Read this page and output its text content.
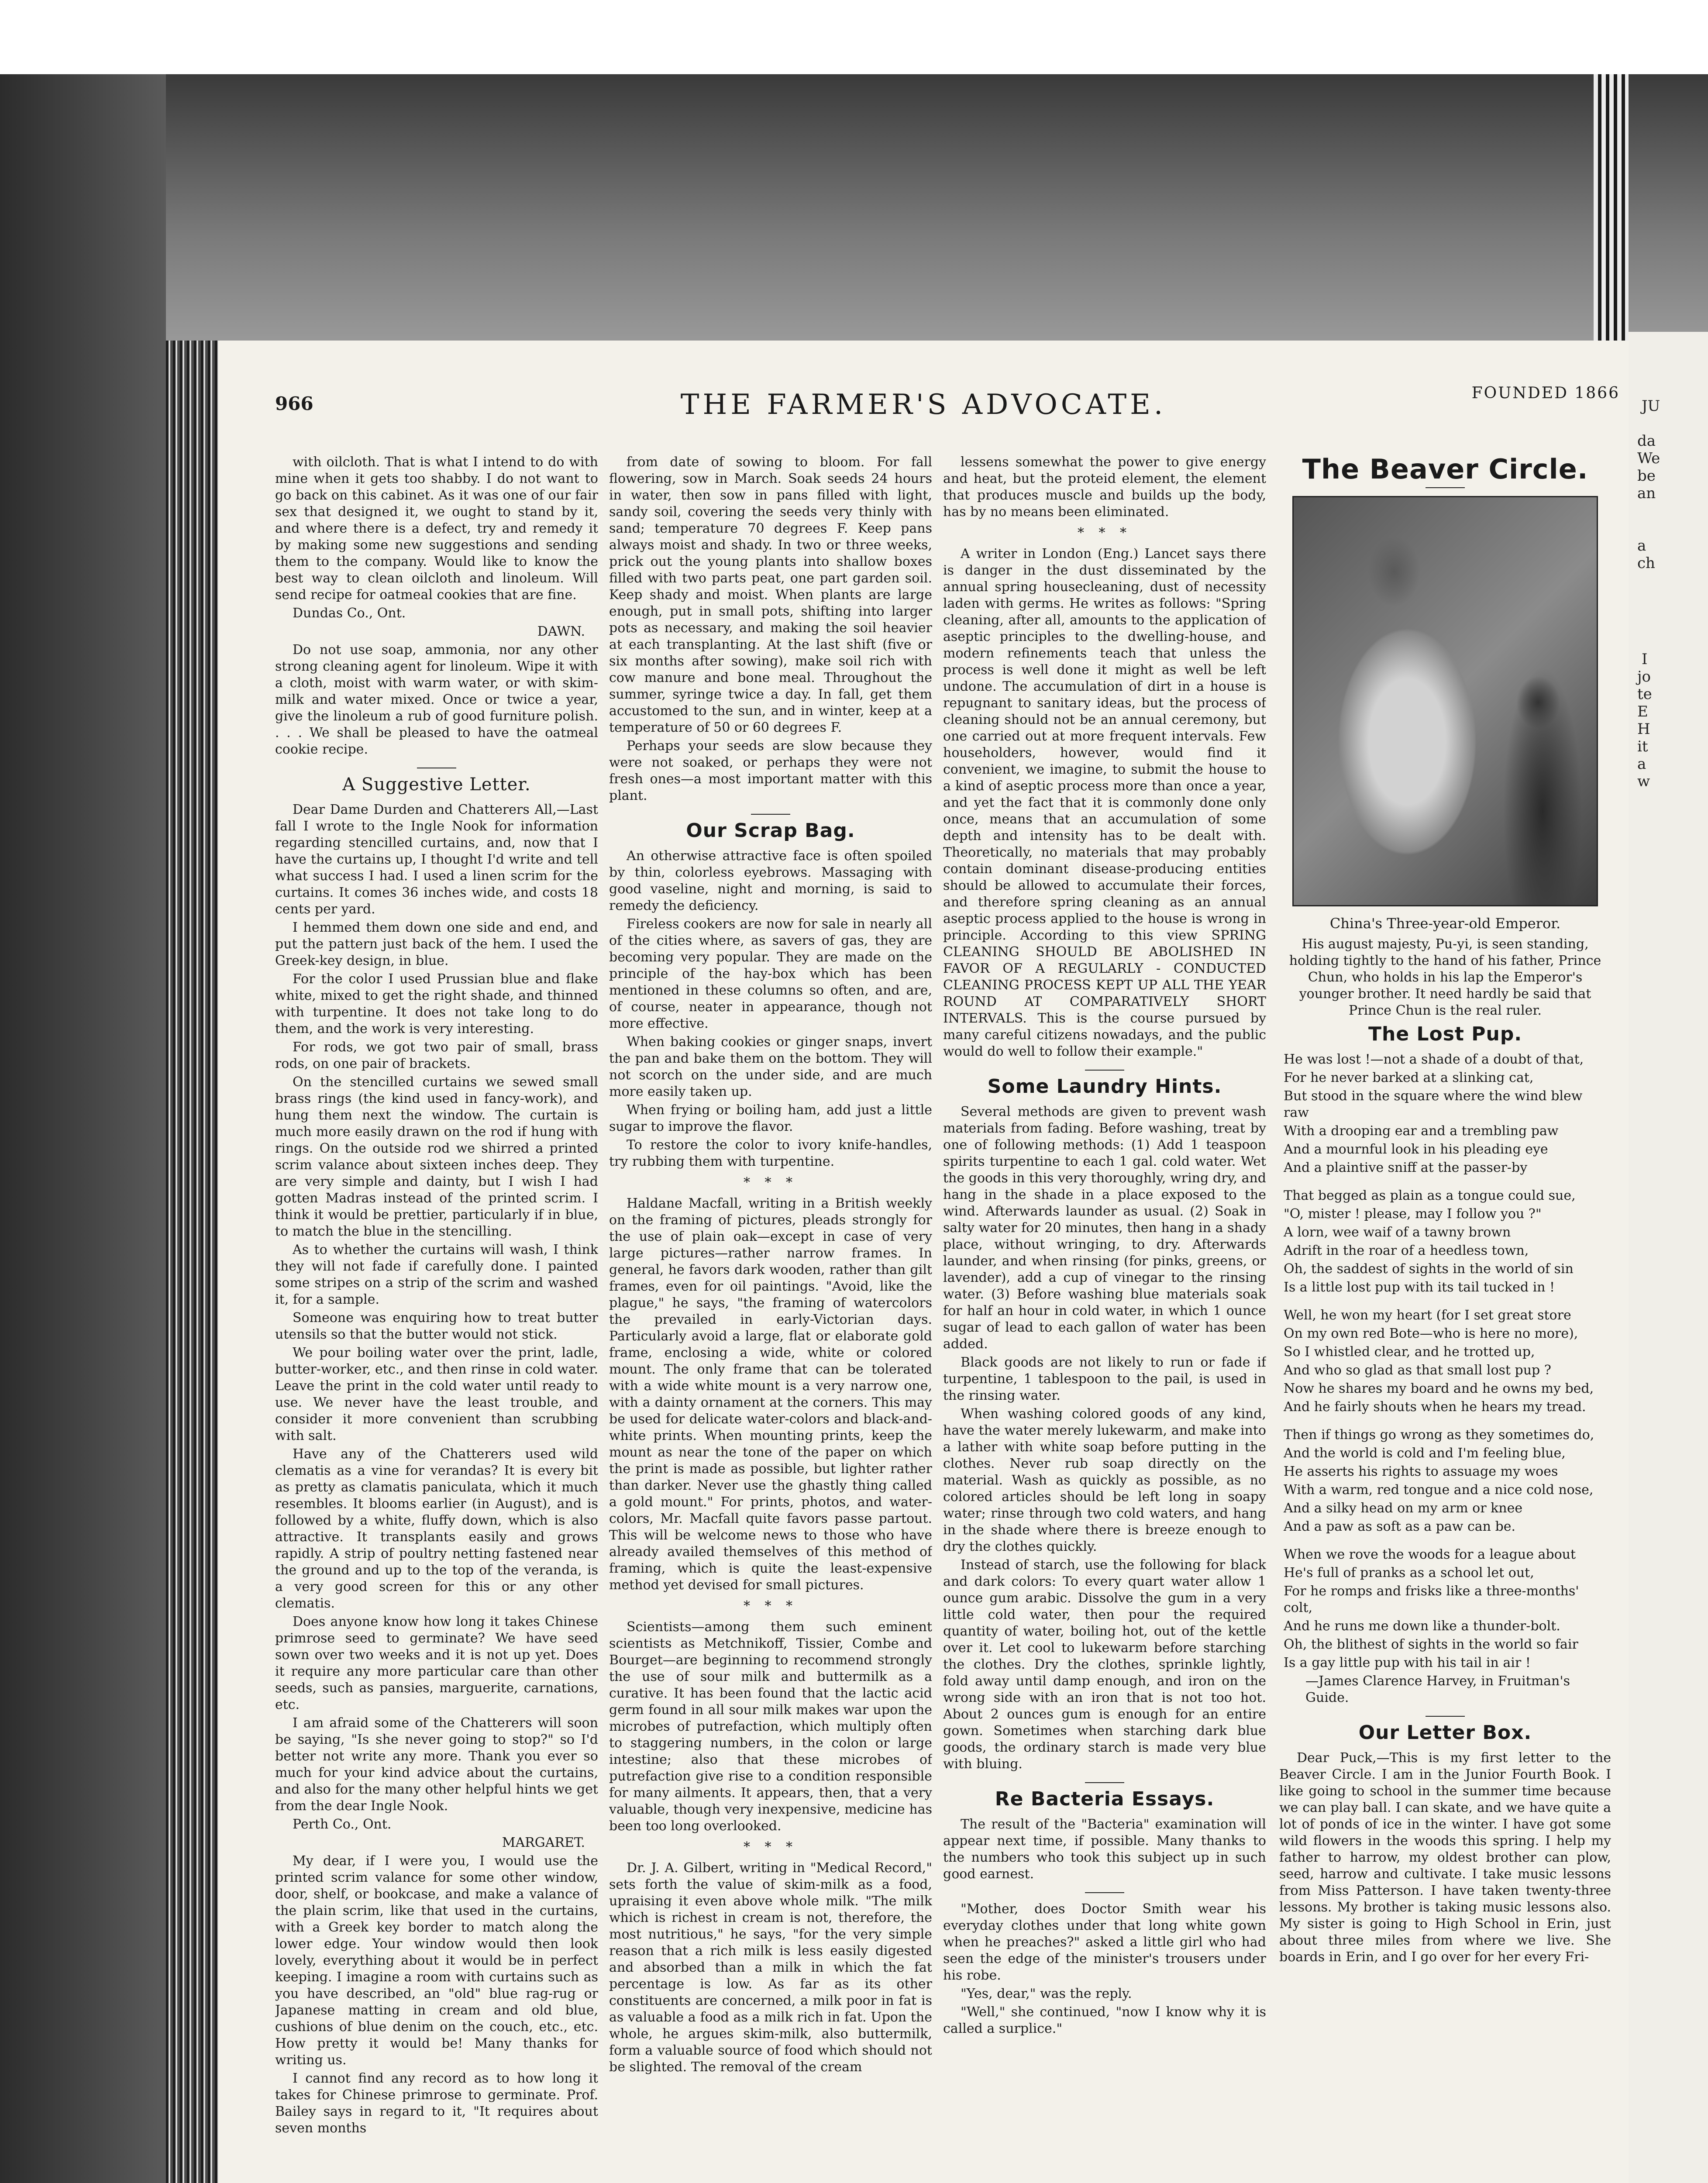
JU
da
We
be
an
a
ch
I
jo
te
E
H
it
a
w
966	THE FARMER'S ADVOCATE.	FOUNDED 1866

with oilcloth. That is what I intend to do with mine when it gets too shabby. I do not want to go back on this cabinet. As it was one of our fair sex that designed it, we ought to stand by it, and where there is a defect, try and remedy it by making some new suggestions and sending them to the company. Would like to know the best way to clean oilcloth and linoleum. Will send recipe for oatmeal cookies that are fine.

Dundas Co., Ont.

DAWN.

Do not use soap, ammonia, nor any other strong cleaning agent for linoleum. Wipe it with a cloth, moist with warm water, or with skim-milk and water mixed. Once or twice a year, give the linoleum a rub of good furniture polish. . . . We shall be pleased to have the oatmeal cookie recipe.

A Suggestive Letter.

Dear Dame Durden and Chatterers All,—Last fall I wrote to the Ingle Nook for information regarding stencilled curtains, and, now that I have the curtains up, I thought I'd write and tell what success I had. I used a linen scrim for the curtains. It comes 36 inches wide, and costs 18 cents per yard.

I hemmed them down one side and end, and put the pattern just back of the hem. I used the Greek-key design, in blue.

For the color I used Prussian blue and flake white, mixed to get the right shade, and thinned with turpentine. It does not take long to do them, and the work is very interesting.

For rods, we got two pair of small, brass rods, on one pair of brackets.

On the stencilled curtains we sewed small brass rings (the kind used in fancy-work), and hung them next the window. The curtain is much more easily drawn on the rod if hung with rings. On the outside rod we shirred a printed scrim valance about sixteen inches deep. They are very simple and dainty, but I wish I had gotten Madras instead of the printed scrim. I think it would be prettier, particularly if in blue, to match the blue in the stencilling.

As to whether the curtains will wash, I think they will not fade if carefully done. I painted some stripes on a strip of the scrim and washed it, for a sample.

Someone was enquiring how to treat butter utensils so that the butter would not stick.

We pour boiling water over the print, ladle, butter-worker, etc., and then rinse in cold water. Leave the print in the cold water until ready to use. We never have the least trouble, and consider it more convenient than scrubbing with salt.

Have any of the Chatterers used wild clematis as a vine for verandas? It is every bit as pretty as clamatis paniculata, which it much resembles. It blooms earlier (in August), and is followed by a white, fluffy down, which is also attractive. It transplants easily and grows rapidly. A strip of poultry netting fastened near the ground and up to the top of the veranda, is a very good screen for this or any other clematis.

Does anyone know how long it takes Chinese primrose seed to germinate? We have seed sown over two weeks and it is not up yet. Does it require any more particular care than other seeds, such as pansies, marguerite, carnations, etc.

I am afraid some of the Chatterers will soon be saying, "Is she never going to stop?" so I'd better not write any more. Thank you ever so much for your kind advice about the curtains, and also for the many other helpful hints we get from the dear Ingle Nook.

Perth Co., Ont.

MARGARET.

My dear, if I were you, I would use the printed scrim valance for some other window, door, shelf, or bookcase, and make a valance of the plain scrim, like that used in the curtains, with a Greek key border to match along the lower edge. Your window would then look lovely, everything about it would be in perfect keeping. I imagine a room with curtains such as you have described, an "old" blue rag-rug or Japanese matting in cream and old blue, cushions of blue denim on the couch, etc., etc. How pretty it would be! Many thanks for writing us.

I cannot find any record as to how long it takes for Chinese primrose to germinate. Prof. Bailey says in regard to it, "It requires about seven months

from date of sowing to bloom. For fall flowering, sow in March. Soak seeds 24 hours in water, then sow in pans filled with light, sandy soil, covering the seeds very thinly with sand; temperature 70 degrees F. Keep pans always moist and shady. In two or three weeks, prick out the young plants into shallow boxes filled with two parts peat, one part garden soil. Keep shady and moist. When plants are large enough, put in small pots, shifting into larger pots as necessary, and making the soil heavier at each transplanting. At the last shift (five or six months after sowing), make soil rich with cow manure and bone meal. Throughout the summer, syringe twice a day. In fall, get them accustomed to the sun, and in winter, keep at a temperature of 50 or 60 degrees F.

Perhaps your seeds are slow because they were not soaked, or perhaps they were not fresh ones—a most important matter with this plant.

Our Scrap Bag.

An otherwise attractive face is often spoiled by thin, colorless eyebrows. Massaging with good vaseline, night and morning, is said to remedy the deficiency.

Fireless cookers are now for sale in nearly all of the cities where, as savers of gas, they are becoming very popular. They are made on the principle of the hay-box which has been mentioned in these columns so often, and are, of course, neater in appearance, though not more effective.

When baking cookies or ginger snaps, invert the pan and bake them on the bottom. They will not scorch on the under side, and are much more easily taken up.

When frying or boiling ham, add just a little sugar to improve the flavor.

To restore the color to ivory knife-handles, try rubbing them with turpentine.

* * *

Haldane Macfall, writing in a British weekly on the framing of pictures, pleads strongly for the use of plain oak—except in case of very large pictures—rather narrow frames. In general, he favors dark wooden, rather than gilt frames, even for oil paintings. "Avoid, like the plague," he says, "the framing of watercolors the prevailed in early-Victorian days. Particularly avoid a large, flat or elaborate gold frame, enclosing a wide, white or colored mount. The only frame that can be tolerated with a wide white mount is a very narrow one, with a dainty ornament at the corners. This may be used for delicate water-colors and black-and-white prints. When mounting prints, keep the mount as near the tone of the paper on which the print is made as possible, but lighter rather than darker. Never use the ghastly thing called a gold mount." For prints, photos, and water-colors, Mr. Macfall quite favors passe partout. This will be welcome news to those who have already availed themselves of this method of framing, which is quite the least-expensive method yet devised for small pictures.

* * *

Scientists—among them such eminent scientists as Metchnikoff, Tissier, Combe and Bourget—are beginning to recommend strongly the use of sour milk and buttermilk as a curative. It has been found that the lactic acid germ found in all sour milk makes war upon the microbes of putrefaction, which multiply often to staggering numbers, in the colon or large intestine; also that these microbes of putrefaction give rise to a condition responsible for many ailments. It appears, then, that a very valuable, though very inexpensive, medicine has been too long overlooked.

* * *

Dr. J. A. Gilbert, writing in "Medical Record," sets forth the value of skim-milk as a food, upraising it even above whole milk. "The milk which is richest in cream is not, therefore, the most nutritious," he says, "for the very simple reason that a rich milk is less easily digested and absorbed than a milk in which the fat percentage is low. As far as its other constituents are concerned, a milk poor in fat is as valuable a food as a milk rich in fat. Upon the whole, he argues skim-milk, also buttermilk, form a valuable source of food which should not be slighted. The removal of the cream

lessens somewhat the power to give energy and heat, but the proteid element, the element that produces muscle and builds up the body, has by no means been eliminated.

* * *

A writer in London (Eng.) Lancet says there is danger in the dust disseminated by the annual spring housecleaning, dust of necessity laden with germs. He writes as follows: "Spring cleaning, after all, amounts to the application of aseptic principles to the dwelling-house, and modern refinements teach that unless the process is well done it might as well be left undone. The accumulation of dirt in a house is repugnant to sanitary ideas, but the process of cleaning should not be an annual ceremony, but one carried out at more frequent intervals. Few householders, however, would find it convenient, we imagine, to submit the house to a kind of aseptic process more than once a year, and yet the fact that it is commonly done only once, means that an accumulation of some depth and intensity has to be dealt with. Theoretically, no materials that may probably contain dominant disease-producing entities should be allowed to accumulate their forces, and therefore spring cleaning as an annual aseptic process applied to the house is wrong in principle. According to this view SPRING CLEANING SHOULD BE ABOLISHED IN FAVOR OF A REGULARLY - CONDUCTED CLEANING PROCESS KEPT UP ALL THE YEAR ROUND AT COMPARATIVELY SHORT INTERVALS. This is the course pursued by many careful citizens nowadays, and the public would do well to follow their example."

Some Laundry Hints.

Several methods are given to prevent wash materials from fading. Before washing, treat by one of following methods: (1) Add 1 teaspoon spirits turpentine to each 1 gal. cold water. Wet the goods in this very thoroughly, wring dry, and hang in the shade in a place exposed to the wind. Afterwards launder as usual. (2) Soak in salty water for 20 minutes, then hang in a shady place, without wringing, to dry. Afterwards launder, and when rinsing (for pinks, greens, or lavender), add a cup of vinegar to the rinsing water. (3) Before washing blue materials soak for half an hour in cold water, in which 1 ounce sugar of lead to each gallon of water has been added.

Black goods are not likely to run or fade if turpentine, 1 tablespoon to the pail, is used in the rinsing water.

When washing colored goods of any kind, have the water merely lukewarm, and make into a lather with white soap before putting in the clothes. Never rub soap directly on the material. Wash as quickly as possible, as no colored articles should be left long in soapy water; rinse through two cold waters, and hang in the shade where there is breeze enough to dry the clothes quickly.

Instead of starch, use the following for black and dark colors: To every quart water allow 1 ounce gum arabic. Dissolve the gum in a very little cold water, then pour the required quantity of water, boiling hot, out of the kettle over it. Let cool to lukewarm before starching the clothes. Dry the clothes, sprinkle lightly, fold away until damp enough, and iron on the wrong side with an iron that is not too hot. About 2 ounces gum is enough for an entire gown. Sometimes when starching dark blue goods, the ordinary starch is made very blue with bluing.

Re Bacteria Essays.

The result of the "Bacteria" examination will appear next time, if possible. Many thanks to the numbers who took this subject up in such good earnest.

"Mother, does Doctor Smith wear his everyday clothes under that long white gown when he preaches?" asked a little girl who had seen the edge of the minister's trousers under his robe.

"Yes, dear," was the reply.

"Well," she continued, "now I know why it is called a surplice."

The Beaver Circle.
China's Three-year-old Emperor.

His august majesty, Pu-yi, is seen standing, holding tightly to the hand of his father, Prince Chun, who holds in his lap the Emperor's younger brother. It need hardly be said that Prince Chun is the real ruler.

The Lost Pup.

He was lost !—not a shade of a doubt of that,

For he never barked at a slinking cat,

But stood in the square where the wind blew raw

With a drooping ear and a trembling paw

And a mournful look in his pleading eye

And a plaintive sniff at the passer-by

That begged as plain as a tongue could sue,

"O, mister ! please, may I follow you ?"

A lorn, wee waif of a tawny brown

Adrift in the roar of a heedless town,

Oh, the saddest of sights in the world of sin

Is a little lost pup with its tail tucked in !

Well, he won my heart (for I set great store

On my own red Bote—who is here no more),

So I whistled clear, and he trotted up,

And who so glad as that small lost pup ?

Now he shares my board and he owns my bed,

And he fairly shouts when he hears my tread.

Then if things go wrong as they sometimes do,

And the world is cold and I'm feeling blue,

He asserts his rights to assuage my woes

With a warm, red tongue and a nice cold nose,

And a silky head on my arm or knee

And a paw as soft as a paw can be.

When we rove the woods for a league about

He's full of pranks as a school let out,

For he romps and frisks like a three-months' colt,

And he runs me down like a thunder-bolt.

Oh, the blithest of sights in the world so fair

Is a gay little pup with his tail in air !

—James Clarence Harvey, in Fruitman's Guide.

Our Letter Box.

Dear Puck,—This is my first letter to the Beaver Circle. I am in the Junior Fourth Book. I like going to school in the summer time because we can play ball. I can skate, and we have quite a lot of ponds of ice in the winter. I have got some wild flowers in the woods this spring. I help my father to harrow, my oldest brother can plow, seed, harrow and cultivate. I take music lessons from Miss Patterson. I have taken twenty-three lessons. My brother is taking music lessons also. My sister is going to High School in Erin, just about three miles from where we live. She boards in Erin, and I go over for her every Fri-
